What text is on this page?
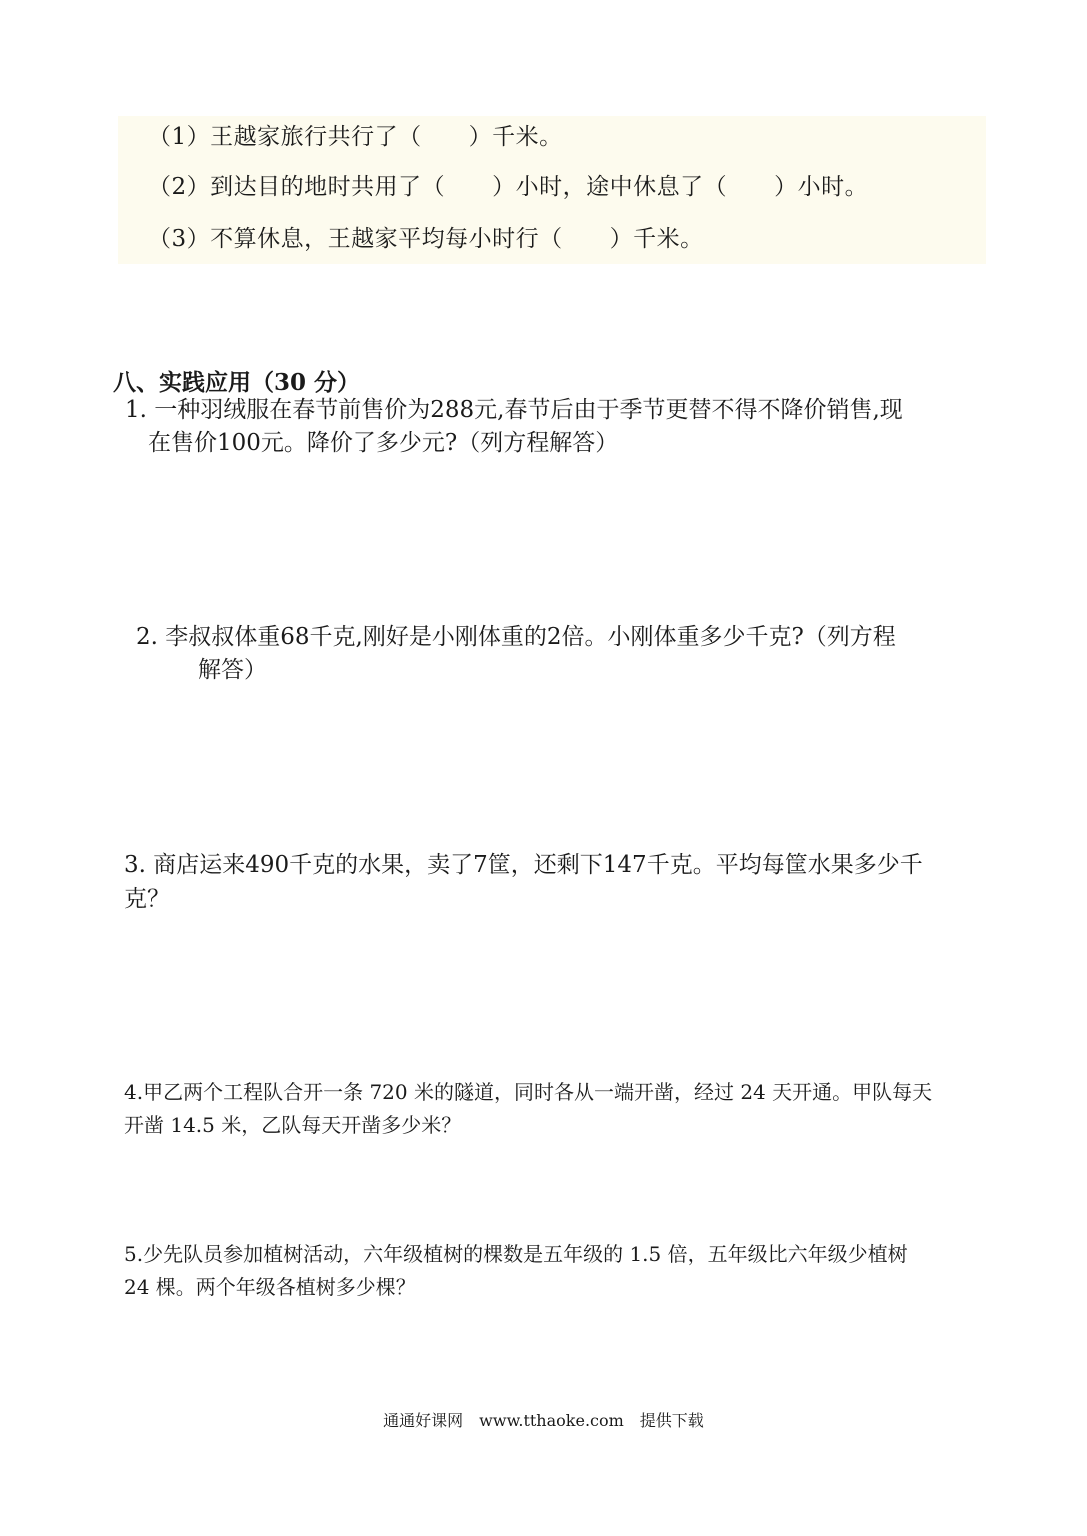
（1）王越家旅行共行了（　　）千米。
（2）到达目的地时共用了（　　）小时，途中休息了（　　）小时。
（3）不算休息，王越家平均每小时行（　　）千米。
八、实践应用（30 分）
1. 一种羽绒服在春节前售价为288元,春节后由于季节更替不得不降价销售,现
在售价100元。降价了多少元?（列方程解答）
2. 李叔叔体重68千克,刚好是小刚体重的2倍。小刚体重多少千克?（列方程
解答）
3. 商店运来490千克的水果，卖了7筐，还剩下147千克。平均每筐水果多少千
克？
4.甲乙两个工程队合开一条 720 米的隧道，同时各从一端开凿，经过 24 天开通。甲队每天
开凿 14.5 米，乙队每天开凿多少米？
5.少先队员参加植树活动，六年级植树的棵数是五年级的 1.5 倍，五年级比六年级少植树
24 棵。两个年级各植树多少棵？
通通好课网　www.tthaoke.com　提供下载
